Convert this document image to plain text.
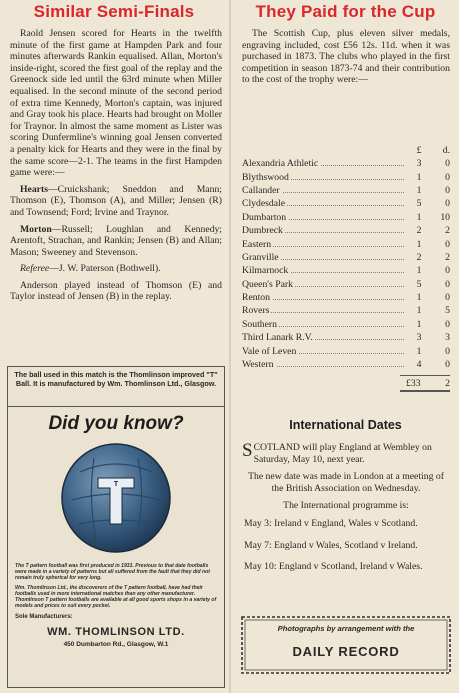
Similar Semi-Finals

Raold Jensen scored for Hearts in the twelfth minute of the first game at Hampden Park and four minutes afterwards Rankin equalised. Allan, Morton's inside-right, scored the first goal of the replay and the Greenock side led until the 63rd minute when Miller equalised. In the second minute of the second period of extra time Kennedy, Morton's captain, was injured and Gray took his place. Hearts had brought on Moller for Traynor. In almost the same moment as Lister was scoring Dunfermline's winning goal Jensen converted a penalty kick for Hearts and they were in the final by the same score—2-1. The teams in the first Hampden game were:—

Hearts—Cruickshank; Sneddon and Mann; Thomson (E), Thomson (A), and Miller; Jensen (R) and Townsend; Ford; Irvine and Traynor.

Morton—Russell; Loughlan and Kennedy; Arentoft, Strachan, and Rankin; Jensen (B) and Allan; Mason; Sweeney and Stevenson.

Referee—J. W. Paterson (Bothwell).

Anderson played instead of Thomson (E) and Taylor instead of Jensen (B) in the replay.

The ball used in this match is the Thomlinson improved "T" Ball. It is manufactured by Wm. Thomlinson Ltd., Glasgow.
Did you know?
T

The T pattern football was first produced in 1931. Previous to that date footballs were made in a variety of patterns but all suffered from the fault that they did not remain truly spherical for very long.

Wm. Thomlinson Ltd., the discoverers of the T pattern football, have had their footballs used in more international matches than any other manufacturer. Thomlinson T pattern footballs are available at all good sports shops in a variety of models and prices to suit every pocket.

Sole Manufacturers:
WM. THOMLINSON LTD.
450 Dumbarton Rd., Glasgow, W.1
They Paid for the Cup

The Scottish Cup, plus eleven silver medals, engraving included, cost £56 12s. 11d. when it was purchased in 1873. The clubs who played in the first competition in season 1873-74 and their contribution to the cost of the trophy were:—

£	d.
Alexandria Athletic	3	0
Blythswood	1	0
Callander	1	0
Clydesdale	5	0
Dumbarton	1	10
Dumbreck	2	2
Eastern	1	0
Granville	2	2
Kilmarnock	1	0
Queen's Park	5	0
Renton	1	0
Rovers	1	5
Southern	1	0
Third Lanark R.V.	3	3
Vale of Leven	1	0
Western	4	0
£33	2
International Dates

SCOTLAND will play England at Wembley on Saturday, May 10, next year.

The new date was made in London at a meeting of the British Association on Wednesday.

The International programme is:

May 3: Ireland v England, Wales v Scotland.

May 7: England v Wales, Scotland v Ireland.

May 10: England v Scotland, Ireland v Wales.

Photographs by arrangement with the
DAILY RECORD
